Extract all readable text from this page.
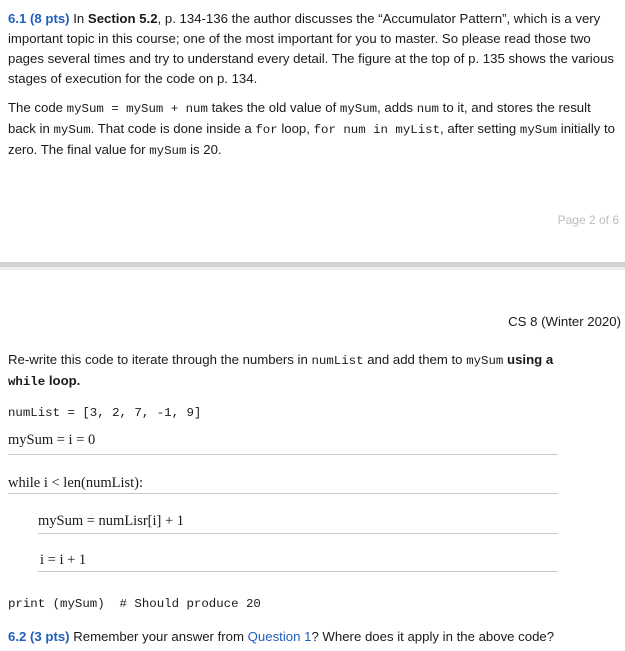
6.1 (8 pts) In Section 5.2, p. 134-136 the author discusses the “Accumulator Pattern”, which is a very important topic in this course; one of the most important for you to master. So please read those two pages several times and try to understand every detail. The figure at the top of p. 135 shows the various stages of execution for the code on p. 134.
The code mySum = mySum + num takes the old value of mySum, adds num to it, and stores the result back in mySum. That code is done inside a for loop, for num in myList, after setting mySum initially to zero. The final value for mySum is 20.
Page 2 of 6
CS 8 (Winter 2020)
Re-write this code to iterate through the numbers in numList and add them to mySum using a
while loop.
numList = [3, 2, 7, -1, 9]
mySum = i = 0
while i < len(numList):
mySum = numLisr[i] + 1
i = i + 1
print (mySum)  # Should produce 20
6.2 (3 pts) Remember your answer from Question 1? Where does it apply in the above code?
